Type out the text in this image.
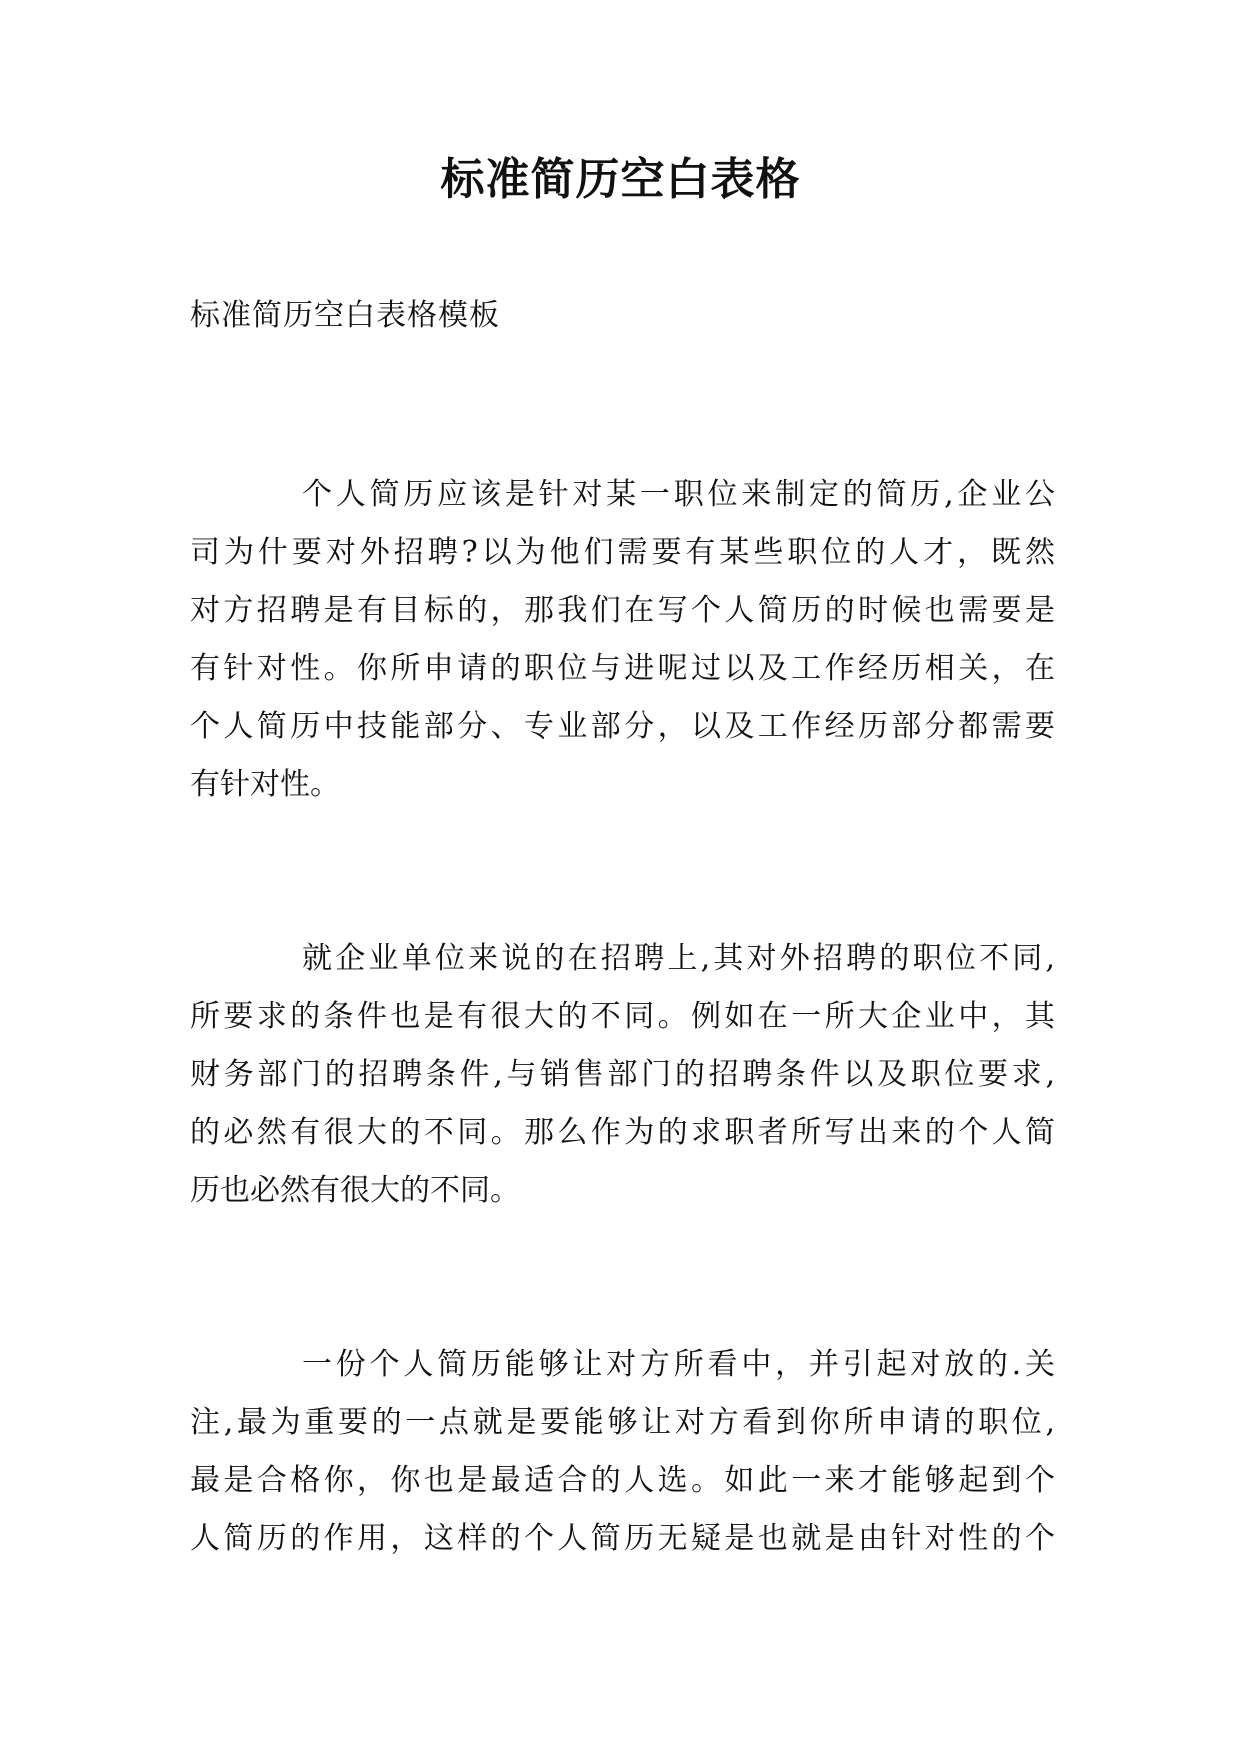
标准简历空白表格
标准简历空白表格模板
个人简历应该是针对某一职位来制定的简历,企业公
司为什要对外招聘?以为他们需要有某些职位的人才，既然
对方招聘是有目标的，那我们在写个人简历的时候也需要是
有针对性。你所申请的职位与进呢过以及工作经历相关，在
个人简历中技能部分、专业部分，以及工作经历部分都需要
有针对性。
就企业单位来说的在招聘上,其对外招聘的职位不同,
所要求的条件也是有很大的不同。例如在一所大企业中，其
财务部门的招聘条件,与销售部门的招聘条件以及职位要求,
的必然有很大的不同。那么作为的求职者所写出来的个人简
历也必然有很大的不同。
一份个人简历能够让对方所看中，并引起对放的.关
注,最为重要的一点就是要能够让对方看到你所申请的职位,
最是合格你，你也是最适合的人选。如此一来才能够起到个
人简历的作用，这样的个人简历无疑是也就是由针对性的个
